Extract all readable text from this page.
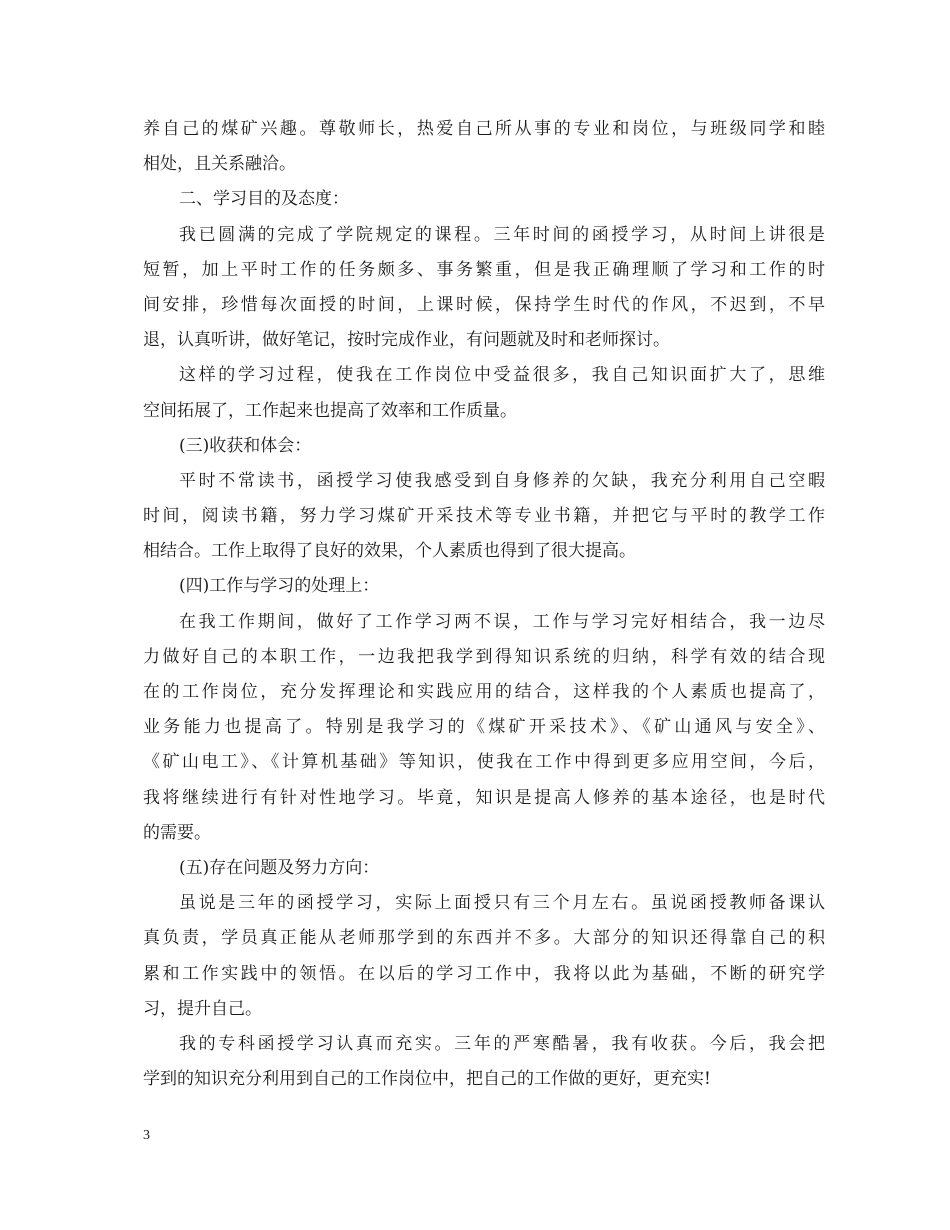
养自己的煤矿兴趣。尊敬师长，热爱自己所从事的专业和岗位，与班级同学和睦
相处，且关系融洽。
二、学习目的及态度：
我已圆满的完成了学院规定的课程。三年时间的函授学习，从时间上讲很是
短暂，加上平时工作的任务颇多、事务繁重，但是我正确理顺了学习和工作的时
间安排，珍惜每次面授的时间，上课时候，保持学生时代的作风，不迟到，不早
退，认真听讲，做好笔记，按时完成作业，有问题就及时和老师探讨。
这样的学习过程，使我在工作岗位中受益很多，我自己知识面扩大了，思维
空间拓展了，工作起来也提高了效率和工作质量。
(三)收获和体会：
平时不常读书，函授学习使我感受到自身修养的欠缺，我充分利用自己空暇
时间，阅读书籍，努力学习煤矿开采技术等专业书籍，并把它与平时的教学工作
相结合。工作上取得了良好的效果，个人素质也得到了很大提高。
(四)工作与学习的处理上：
在我工作期间，做好了工作学习两不误，工作与学习完好相结合，我一边尽
力做好自己的本职工作，一边我把我学到得知识系统的归纳，科学有效的结合现
在的工作岗位，充分发挥理论和实践应用的结合，这样我的个人素质也提高了，
业务能力也提高了。特别是我学习的《煤矿开采技术》、《矿山通风与安全》、
《矿山电工》、《计算机基础》等知识，使我在工作中得到更多应用空间，今后，
我将继续进行有针对性地学习。毕竟，知识是提高人修养的基本途径，也是时代
的需要。
(五)存在问题及努力方向：
虽说是三年的函授学习，实际上面授只有三个月左右。虽说函授教师备课认
真负责，学员真正能从老师那学到的东西并不多。大部分的知识还得靠自己的积
累和工作实践中的领悟。在以后的学习工作中，我将以此为基础，不断的研究学
习，提升自己。
我的专科函授学习认真而充实。三年的严寒酷暑，我有收获。今后，我会把
学到的知识充分利用到自己的工作岗位中，把自己的工作做的更好，更充实!
3
